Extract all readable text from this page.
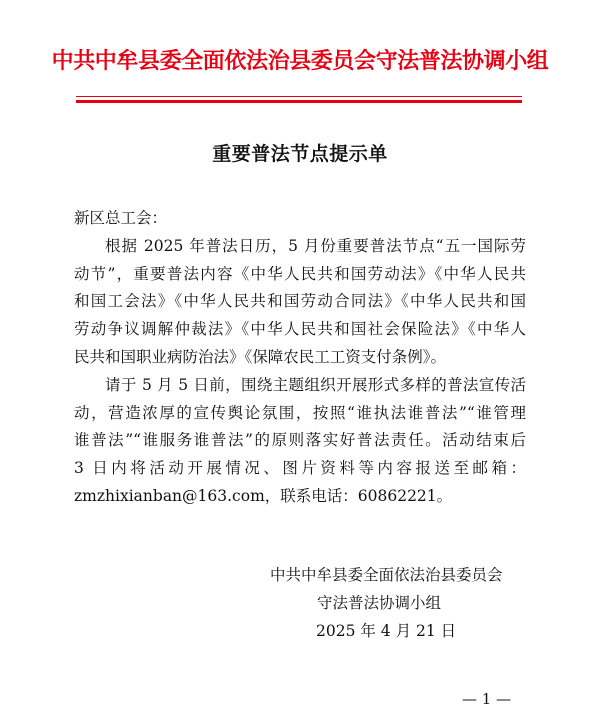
中共中牟县委全面依法治县委员会守法普法协调小组
重要普法节点提示单
新区总工会：
根据 2025 年普法日历，5 月份重要普法节点“五一国际劳
动节”，重要普法内容《中华人民共和国劳动法》《中华人民共
和国工会法》《中华人民共和国劳动合同法》《中华人民共和国
劳动争议调解仲裁法》《中华人民共和国社会保险法》《中华人
民共和国职业病防治法》《保障农民工工资支付条例》。
请于 5 月 5 日前，围绕主题组织开展形式多样的普法宣传活
动，营造浓厚的宣传舆论氛围，按照“谁执法谁普法”“谁管理
谁普法”“谁服务谁普法”的原则落实好普法责任。活动结束后
3 日内将活动开展情况、图片资料等内容报送至邮箱：
zmzhixianban@163.com，联系电话：60862221。
中共中牟县委全面依法治县委员会
守法普法协调小组
2025 年 4 月 21 日
— 1 —
